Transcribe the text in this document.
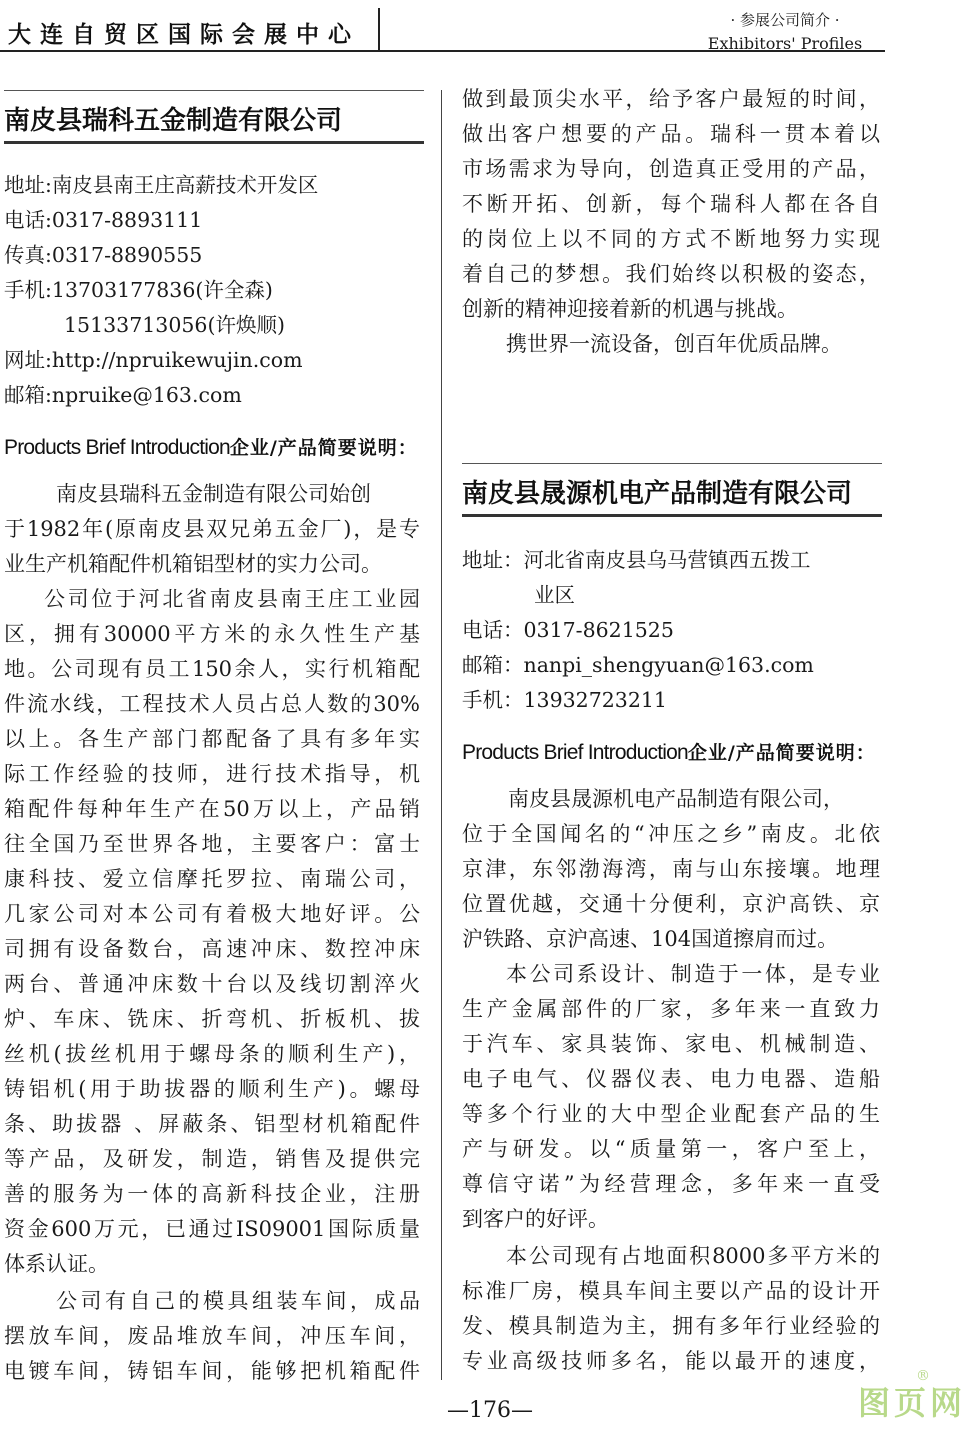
大连自贸区国际会展中心
· 参展公司简介 ·
Exhibitors' Profiles
南皮县瑞科五金制造有限公司
地址:南皮县南王庄高薪技术开发区
电话:0317-8893111
传真:0317-8890555
手机:13703177836(许全森)
15133713056(许焕顺)
网址:http://npruikewujin.com
邮箱:npruike@163.com
Products Brief Introduction企业/产品简要说明：
南皮县瑞科五金制造有限公司始创
于1982年(原南皮县双兄弟五金厂)，是专
业生产机箱配件机箱铝型材的实力公司。
公司位于河北省南皮县南王庄工业园
区，拥有30000平方米的永久性生产基
地。公司现有员工150余人，实行机箱配
件流水线，工程技术人员占总人数的30%
以上。各生产部门都配备了具有多年实
际工作经验的技师，进行技术指导，机
箱配件每种年生产在50万以上，产品销
往全国乃至世界各地，主要客户：富士
康科技、爱立信摩托罗拉、南瑞公司，
几家公司对本公司有着极大地好评。公
司拥有设备数台，高速冲床、数控冲床
两台、普通冲床数十台以及线切割淬火
炉、车床、铣床、折弯机、折板机、拔
丝机(拔丝机用于螺母条的顺利生产)，
铸铝机(用于助拔器的顺利生产)。螺母
条、助拔器 、屏蔽条、铝型材机箱配件
等产品，及研发，制造，销售及提供完
善的服务为一体的高新科技企业，注册
资金600万元，已通过IS09001国际质量
体系认证。
公司有自己的模具组装车间，成品
摆放车间，废品堆放车间，冲压车间，
电镀车间，铸铝车间，能够把机箱配件
做到最顶尖水平，给予客户最短的时间，
做出客户想要的产品。瑞科一贯本着以
市场需求为导向，创造真正受用的产品，
不断开拓、创新，每个瑞科人都在各自
的岗位上以不同的方式不断地努力实现
着自己的梦想。我们始终以积极的姿态，
创新的精神迎接着新的机遇与挑战。
携世界一流设备，创百年优质品牌。
南皮县晟源机电产品制造有限公司
地址：河北省南皮县乌马营镇西五拨工
业区
电话：0317-8621525
邮箱：nanpi_shengyuan@163.com
手机：13932723211
Products Brief Introduction企业/产品简要说明：
南皮县晟源机电产品制造有限公司，
位于全国闻名的“冲压之乡”南皮。北依
京津，东邻渤海湾，南与山东接壤。地理
位置优越，交通十分便利，京沪高铁、京
沪铁路、京沪高速、104国道擦肩而过。
本公司系设计、制造于一体，是专业
生产金属部件的厂家，多年来一直致力
于汽车、家具装饰、家电、机械制造、
电子电气、仪器仪表、电力电器、造船
等多个行业的大中型企业配套产品的生
产与研发。以“质量第一，客户至上，
尊信守诺”为经营理念，多年来一直受
到客户的好评。
本公司现有占地面积8000多平方米的
标准厂房，模具车间主要以产品的设计开
发、模具制造为主，拥有多年行业经验的
专业高级技师多名，能以最开的速度，
—176—	图页网
®
